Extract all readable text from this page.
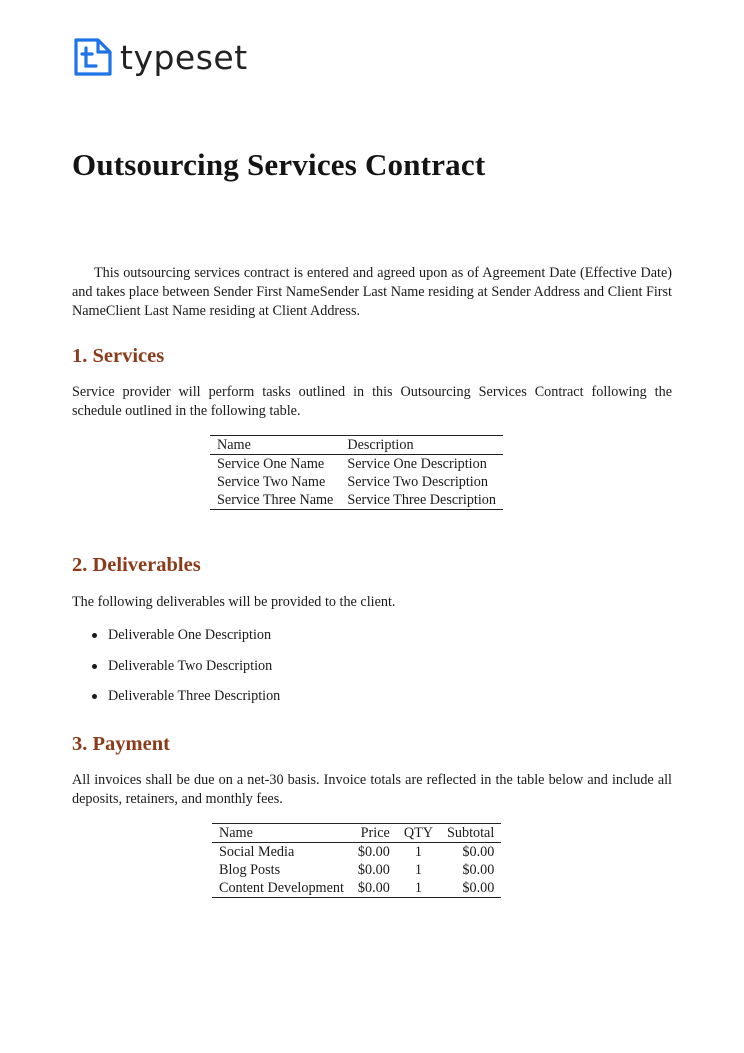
typeset
Outsourcing Services Contract

This outsourcing services contract is entered and agreed upon as of Agreement Date (Effective Date) and takes place between Sender First NameSender Last Name residing at Sender Address and Client First NameClient Last Name residing at Client Address.

1. Services

Service provider will perform tasks outlined in this Outsourcing Services Contract following the schedule outlined in the following table.

Name	Description
Service One Name	Service One Description
Service Two Name	Service Two Description
Service Three Name	Service Three Description
2. Deliverables

The following deliverables will be provided to the client.

Deliverable One Description
Deliverable Two Description
Deliverable Three Description
3. Payment

All invoices shall be due on a net-30 basis. Invoice totals are reflected in the table below and include all deposits, retainers, and monthly fees.

Name	Price	QTY	Subtotal
Social Media	$0.00	1	$0.00
Blog Posts	$0.00	1	$0.00
Content Development	$0.00	1	$0.00
